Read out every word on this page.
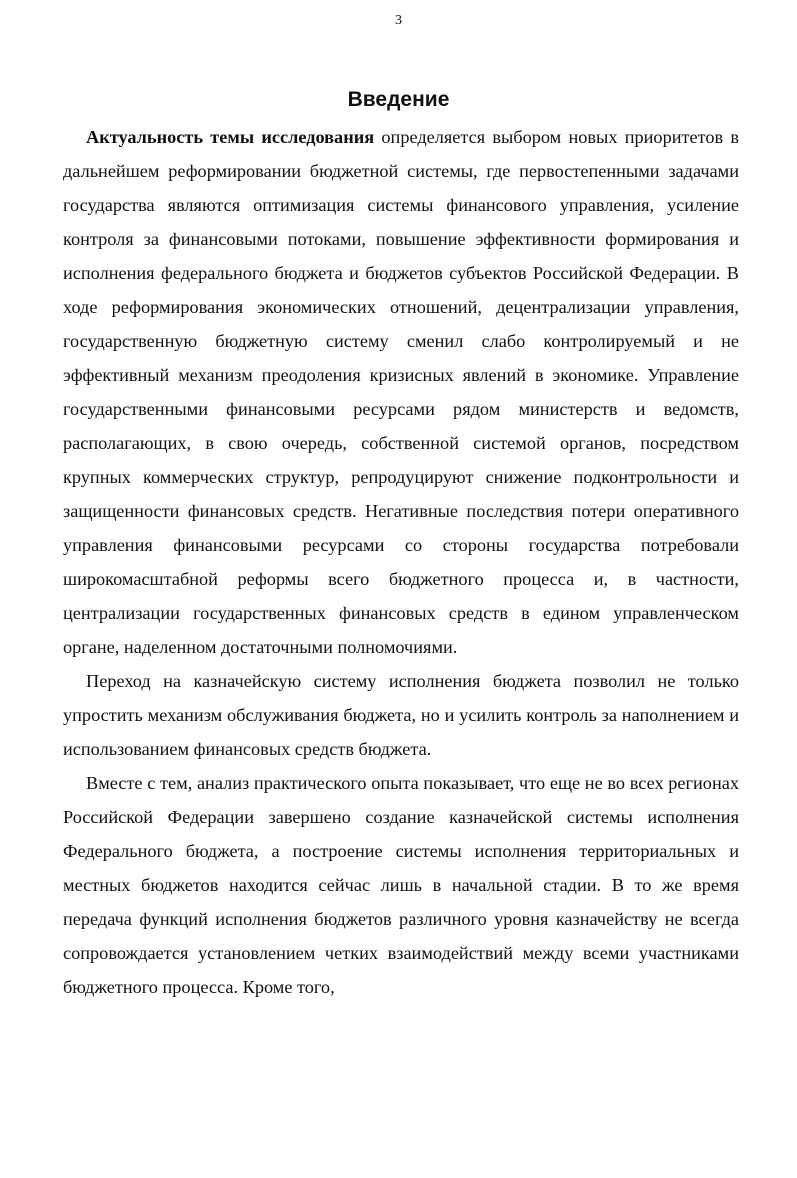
3
Введение

Актуальность темы исследования определяется выбором новых приоритетов в дальнейшем реформировании бюджетной системы, где первостепенными задачами государства являются оптимизация системы финансового управления, усиление контроля за финансовыми потоками, повышение эффективности формирования и исполнения федерального бюджета и бюджетов субъектов Российской Федерации. В ходе реформирования экономических отношений, децентрализации управления, государственную бюджетную систему сменил слабо контролируемый и не эффективный механизм преодоления кризисных явлений в экономике. Управление государственными финансовыми ресурсами рядом министерств и ведомств, располагающих, в свою очередь, собственной системой органов, посредством крупных коммерческих структур, репродуцируют снижение подконтрольности и защищенности финансовых средств. Негативные последствия потери оперативного управления финансовыми ресурсами со стороны государства потребовали широкомасштабной реформы всего бюджетного процесса и, в частности, централизации государственных финансовых средств в едином управленческом органе, наделенном достаточными полномочиями.

Переход на казначейскую систему исполнения бюджета позволил не только упростить механизм обслуживания бюджета, но и усилить контроль за наполнением и использованием финансовых средств бюджета.

Вместе с тем, анализ практического опыта показывает, что еще не во всех регионах Российской Федерации завершено создание казначейской системы исполнения Федерального бюджета, а построение системы исполнения территориальных и местных бюджетов находится сейчас лишь в начальной стадии. В то же время передача функций исполнения бюджетов различного уровня казначейству не всегда сопровождается установлением четких взаимодействий между всеми участниками бюджетного процесса. Кроме того,
